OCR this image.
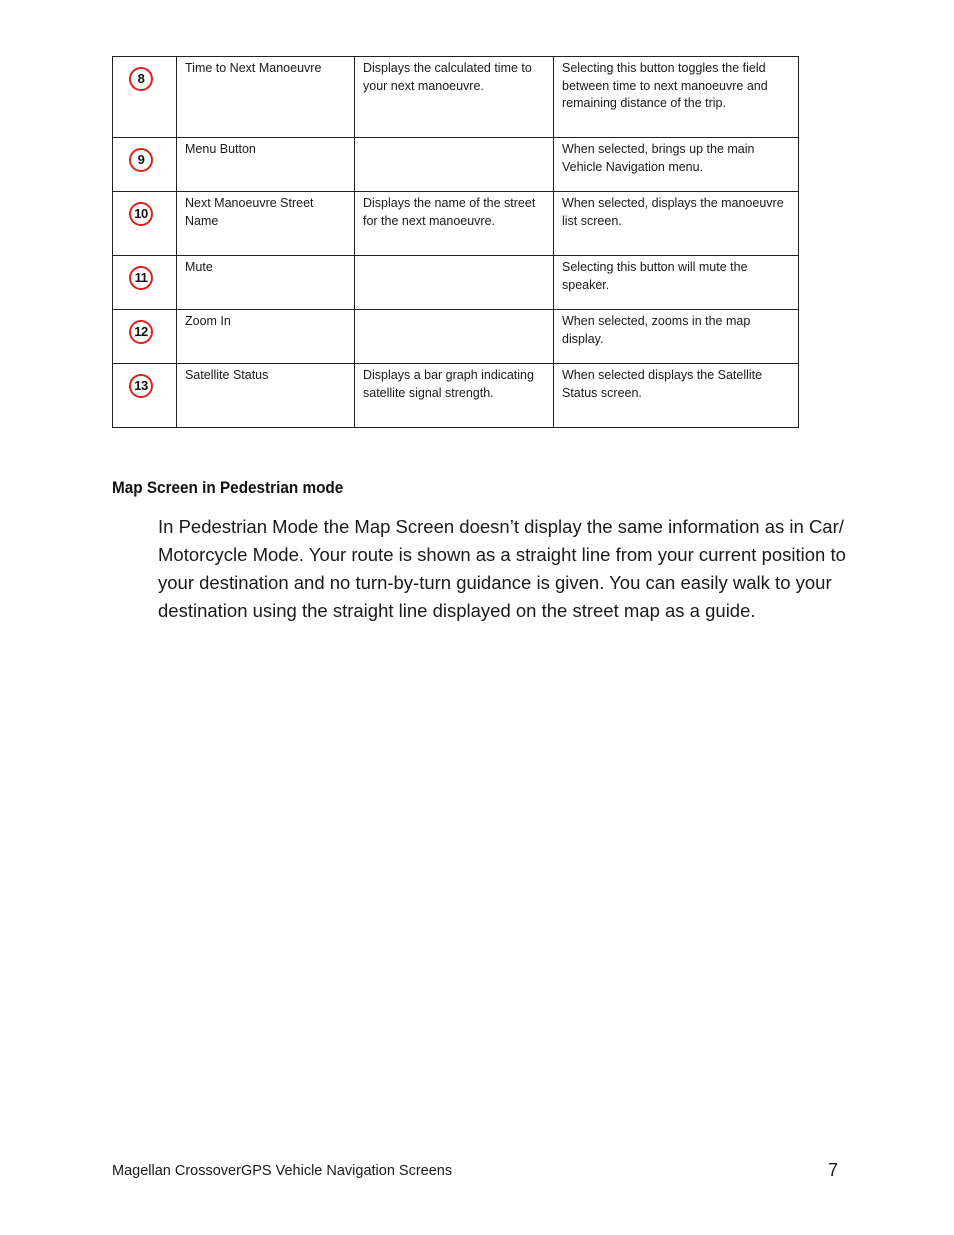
8	Time to Next Manoeuvre	Displays the calculated time to your next manoeuvre.	Selecting this button toggles the field between time to next manoeuvre and remaining distance of the trip.

9	Menu Button		When selected, brings up the main Vehicle Navigation menu.

10	Next Manoeuvre Street Name	Displays the name of the street for the next manoeuvre.	When selected, displays the manoeuvre list screen.

11	Mute		Selecting this button will mute the speaker.

12	Zoom In		When selected, zooms in the map display.

13	Satellite Status	Displays a bar graph indicating satellite signal strength.	When selected displays the Satellite Status screen.
Map Screen in Pedestrian mode

In Pedestrian Mode the Map Screen doesn’t display the same information as in Car/ Motorcycle Mode. Your route is shown as a straight line from your current position to your destination and no turn-by-turn guidance is given. You can easily walk to your destination using the straight line displayed on the street map as a guide.

Magellan CrossoverGPS Vehicle Navigation Screens	7
